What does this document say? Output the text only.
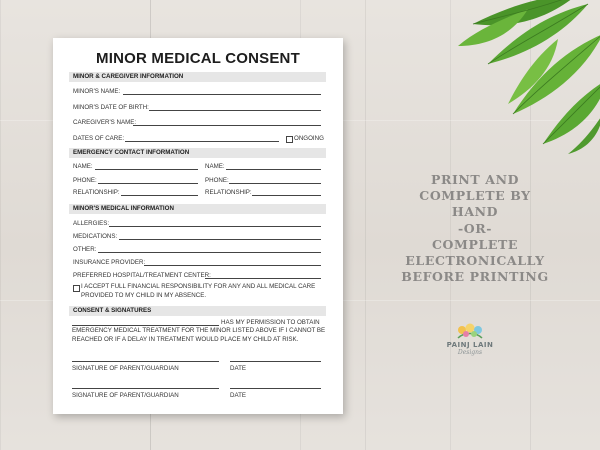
MINOR MEDICAL CONSENT
MINOR & CAREGIVER INFORMATION
MINOR'S NAME:
MINOR'S DATE OF BIRTH:
CAREGIVER'S NAME:
DATES OF CARE:	ONGOING
EMERGENCY CONTACT INFORMATION
NAME:	NAME:
PHONE:	PHONE:
RELATIONSHIP:	RELATIONSHIP:
MINOR'S MEDICAL INFORMATION
ALLERGIES:
MEDICATIONS:
OTHER:
INSURANCE PROVIDER:
PREFERRED HOSPITAL/TREATMENT CENTER:
I ACCEPT FULL FINANCIAL RESPONSIBILITY FOR ANY AND ALL MEDICAL CARE
PROVIDED TO MY CHILD IN MY ABSENCE.
CONSENT & SIGNATURES
HAS MY PERMISSION TO OBTAIN
EMERGENCY MEDICAL TREATMENT FOR THE MINOR LISTED ABOVE IF I CANNOT BE
REACHED OR IF A DELAY IN TREATMENT WOULD PLACE MY CHILD AT RISK.
SIGNATURE OF PARENT/GUARDIAN	DATE
SIGNATURE OF PARENT/GUARDIAN	DATE
PRINT AND
COMPLETE BY
HAND
-OR-
COMPLETE
ELECTRONICALLY
BEFORE PRINTING
PAINJ LAIN
Designs
